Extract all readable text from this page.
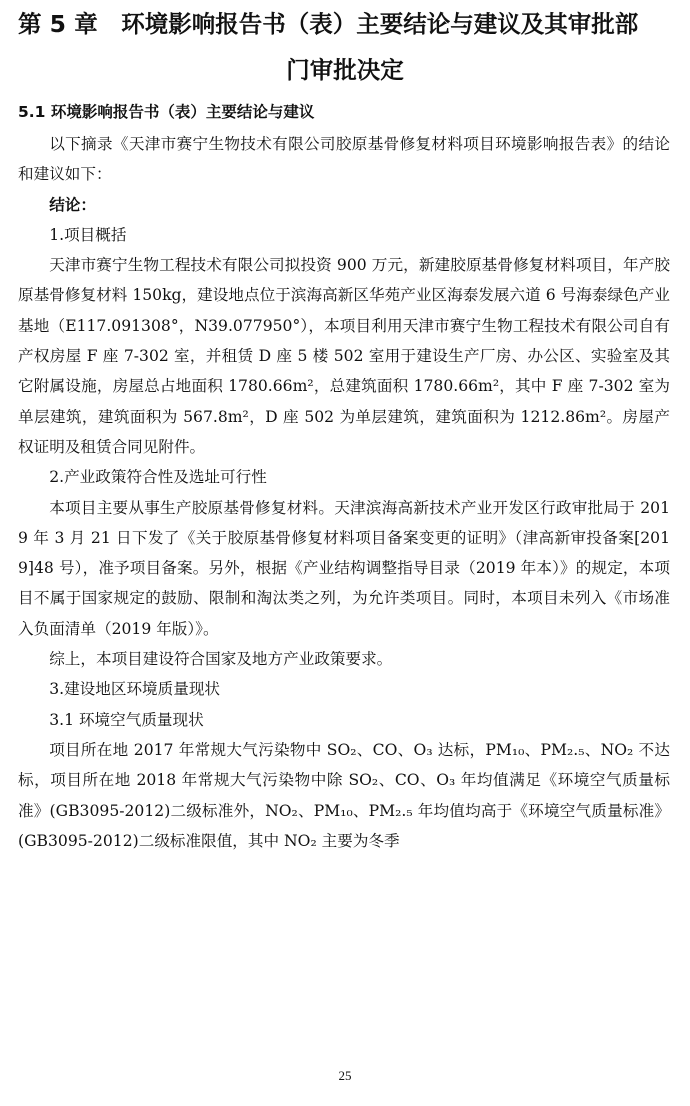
第 5 章　环境影响报告书（表）主要结论与建议及其审批部
门审批决定
5.1 环境影响报告书（表）主要结论与建议

以下摘录《天津市赛宁生物技术有限公司胶原基骨修复材料项目环境影响报告表》的结论和建议如下：

结论：

1.项目概括

天津市赛宁生物工程技术有限公司拟投资 900 万元，新建胶原基骨修复材料项目，年产胶原基骨修复材料 150kg，建设地点位于滨海高新区华苑产业区海泰发展六道 6 号海泰绿色产业基地（E117.091308°，N39.077950°），本项目利用天津市赛宁生物工程技术有限公司自有产权房屋 F 座 7-302 室，并租赁 D 座 5 楼 502 室用于建设生产厂房、办公区、实验室及其它附属设施，房屋总占地面积 1780.66m²，总建筑面积 1780.66m²，其中 F 座 7-302 室为单层建筑，建筑面积为 567.8m²，D 座 502 为单层建筑，建筑面积为 1212.86m²。房屋产权证明及租赁合同见附件。

2.产业政策符合性及选址可行性

本项目主要从事生产胶原基骨修复材料。天津滨海高新技术产业开发区行政审批局于 2019 年 3 月 21 日下发了《关于胶原基骨修复材料项目备案变更的证明》（津高新审投备案[2019]48 号），准予项目备案。另外，根据《产业结构调整指导目录（2019 年本）》的规定，本项目不属于国家规定的鼓励、限制和淘汰类之列，为允许类项目。同时，本项目未列入《市场准入负面清单（2019 年版）》。

综上，本项目建设符合国家及地方产业政策要求。

3.建设地区环境质量现状

3.1 环境空气质量现状

项目所在地 2017 年常规大气污染物中 SO₂、CO、O₃ 达标，PM₁₀、PM₂.₅、NO₂ 不达标，项目所在地 2018 年常规大气污染物中除 SO₂、CO、O₃ 年均值满足《环境空气质量标准》(GB3095-2012)二级标准外，NO₂、PM₁₀、PM₂.₅ 年均值均高于《环境空气质量标准》(GB3095-2012)二级标准限值，其中 NO₂ 主要为冬季

25
